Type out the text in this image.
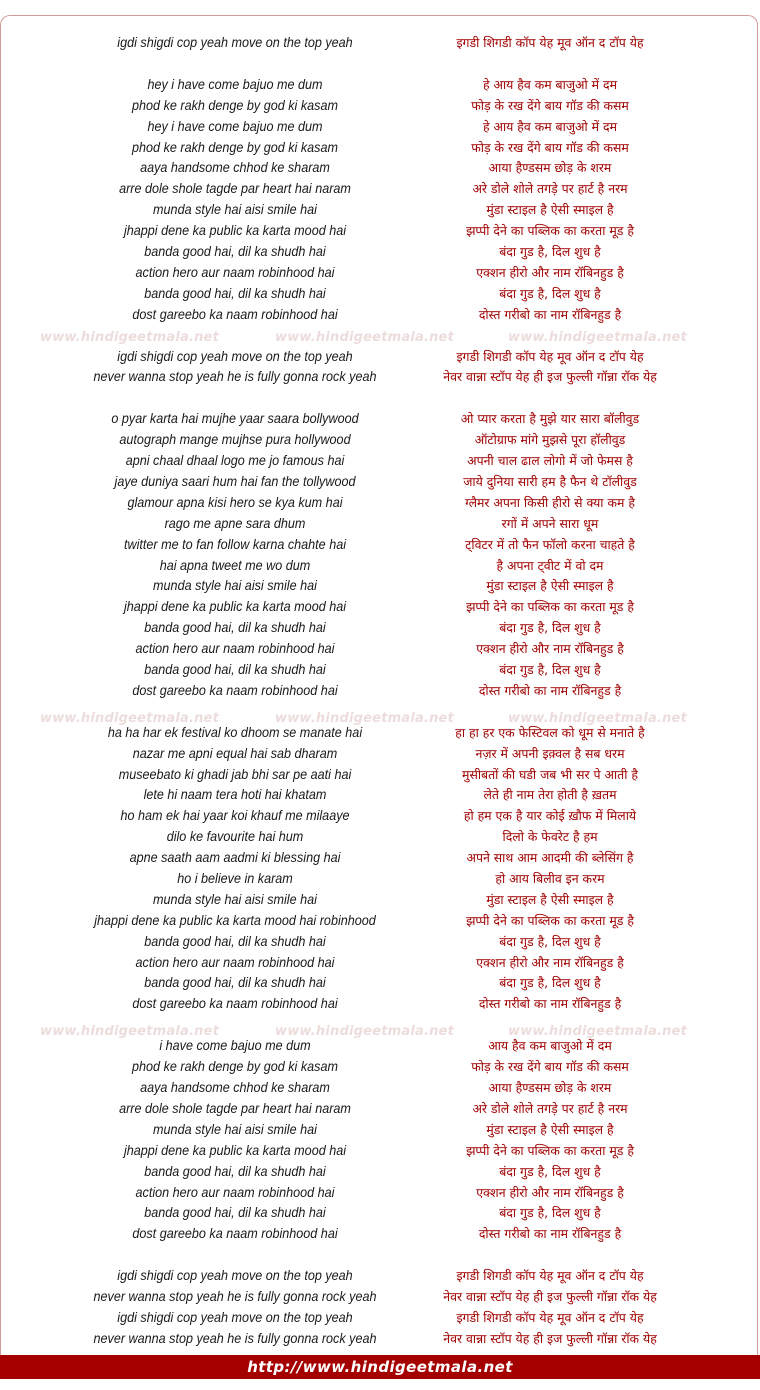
igdi shigdi cop yeah move on the top yeah	इगडी शिगडी कॉप येह मूव ऑन द टॉप येह
hey i have come bajuo me dum	हे आय हैव कम बाजुओ में दम
phod ke rakh denge by god ki kasam	फोड़ के रख देंगे बाय गॉड की कसम
hey i have come bajuo me dum	हे आय हैव कम बाजुओ में दम
phod ke rakh denge by god ki kasam	फोड़ के रख देंगे बाय गॉड की कसम
aaya handsome chhod ke sharam	आया हैण्डसम छोड़ के शरम
arre dole shole tagde par heart hai naram	अरे डोले शोले तगड़े पर हार्ट है नरम
munda style hai aisi smile hai	मुंडा स्टाइल है ऐसी स्माइल है
jhappi dene ka public ka karta mood hai	झप्पी देने का पब्लिक का करता मूड है
banda good hai, dil ka shudh hai	बंदा गुड है, दिल शुध है
action hero aur naam robinhood hai	एक्शन हीरो और नाम रॉबिनहुड है
banda good hai, dil ka shudh hai	बंदा गुड है, दिल शुध है
dost gareebo ka naam robinhood hai	दोस्त गरीबो का नाम रॉबिनहुड है
igdi shigdi cop yeah move on the top yeah	इगडी शिगडी कॉप येह मूव ऑन द टॉप येह
never wanna stop yeah he is fully gonna rock yeah	नेवर वान्ना स्टॉप येह ही इज फुल्ली गॉन्ना रॉक येह
o pyar karta hai mujhe yaar saara bollywood	ओ प्यार करता है मुझे यार सारा बॉलीवुड
autograph mange mujhse pura hollywood	ऑटोग्राफ मांगे मुझसे पूरा हॉलीवुड
apni chaal dhaal logo me jo famous hai	अपनी चाल ढाल लोगो में जो फेमस है
jaye duniya saari hum hai fan the tollywood	जाये दुनिया सारी हम है फैन थे टॉलीवुड
glamour apna kisi hero se kya kum hai	ग्लैमर अपना किसी हीरो से क्या कम है
rago me apne sara dhum	रगों में अपने सारा धूम
twitter me to fan follow karna chahte hai	ट्विटर में तो फैन फॉलो करना चाहते है
hai apna tweet me wo dum	है अपना ट्वीट में वो दम
munda style hai aisi smile hai	मुंडा स्टाइल है ऐसी स्माइल है
jhappi dene ka public ka karta mood hai	झप्पी देने का पब्लिक का करता मूड है
banda good hai, dil ka shudh hai	बंदा गुड है, दिल शुध है
action hero aur naam robinhood hai	एक्शन हीरो और नाम रॉबिनहुड है
banda good hai, dil ka shudh hai	बंदा गुड है, दिल शुध है
dost gareebo ka naam robinhood hai	दोस्त गरीबो का नाम रॉबिनहुड है
ha ha har ek festival ko dhoom se manate hai	हा हा हर एक फेस्टिवल को धूम से मनाते है
nazar me apni equal hai sab dharam	नज़र में अपनी इक़्वल है सब धरम
museebato ki ghadi jab bhi sar pe aati hai	मुसीबतों की घडी जब भी सर पे आती है
lete hi naam tera hoti hai khatam	लेते ही नाम तेरा होती है ख़तम
ho ham ek hai yaar koi khauf me milaaye	हो हम एक है यार कोई ख़ौफ में मिलाये
dilo ke favourite hai hum	दिलो के फेवरेट है हम
apne saath aam aadmi ki blessing hai	अपने साथ आम आदमी की ब्लेसिंग है
ho i believe in karam	हो आय बिलीव इन करम
munda style hai aisi smile hai	मुंडा स्टाइल है ऐसी स्माइल है
jhappi dene ka public ka karta mood hai robinhood	झप्पी देने का पब्लिक का करता मूड है
banda good hai, dil ka shudh hai	बंदा गुड है, दिल शुध है
action hero aur naam robinhood hai	एक्शन हीरो और नाम रॉबिनहुड है
banda good hai, dil ka shudh hai	बंदा गुड है, दिल शुध है
dost gareebo ka naam robinhood hai	दोस्त गरीबो का नाम रॉबिनहुड है
i have come bajuo me dum	आय हैव कम बाजुओ में दम
phod ke rakh denge by god ki kasam	फोड़ के रख देंगे बाय गॉड की कसम
aaya handsome chhod ke sharam	आया हैण्डसम छोड़ के शरम
arre dole shole tagde par heart hai naram	अरे डोले शोले तगड़े पर हार्ट है नरम
munda style hai aisi smile hai	मुंडा स्टाइल है ऐसी स्माइल है
jhappi dene ka public ka karta mood hai	झप्पी देने का पब्लिक का करता मूड है
banda good hai, dil ka shudh hai	बंदा गुड है, दिल शुध है
action hero aur naam robinhood hai	एक्शन हीरो और नाम रॉबिनहुड है
banda good hai, dil ka shudh hai	बंदा गुड है, दिल शुध है
dost gareebo ka naam robinhood hai	दोस्त गरीबो का नाम रॉबिनहुड है
igdi shigdi cop yeah move on the top yeah	इगडी शिगडी कॉप येह मूव ऑन द टॉप येह
never wanna stop yeah he is fully gonna rock yeah	नेवर वान्ना स्टॉप येह ही इज फुल्ली गॉन्ना रॉक येह
igdi shigdi cop yeah move on the top yeah	इगडी शिगडी कॉप येह मूव ऑन द टॉप येह
never wanna stop yeah he is fully gonna rock yeah	नेवर वान्ना स्टॉप येह ही इज फुल्ली गॉन्ना रॉक येह
www.hindigeetmala.net	www.hindigeetmala.net	www.hindigeetmala.net
www.hindigeetmala.net	www.hindigeetmala.net	www.hindigeetmala.net
www.hindigeetmala.net	www.hindigeetmala.net	www.hindigeetmala.net
http://www.hindigeetmala.net
